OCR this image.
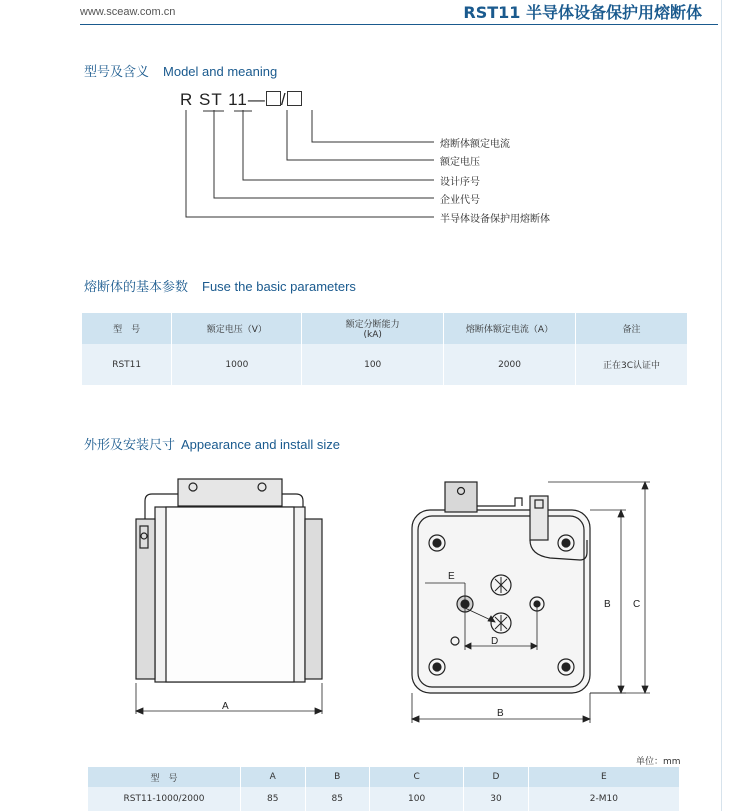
www.sceaw.com.cn	RST11 半导体设备保护用熔断体
型号及含义 Model and meaning
R ST 11— /
A
E
D
B
B C
熔断体额定电流
额定电压
设计序号
企业代号
半导体设备保护用熔断体
熔断体的基本参数 Fuse the basic parameters
型　号	额定电压（V）	额定分断能力
(kA)	熔断体额定电流（A）	备注
RST11	1000	100	2000	正在3C认证中
外形及安装尺寸 Appearance and install size
单位：mm
型　号	A	B	C	D	E
RST11-1000/2000	85	85	100	30	2-M10
